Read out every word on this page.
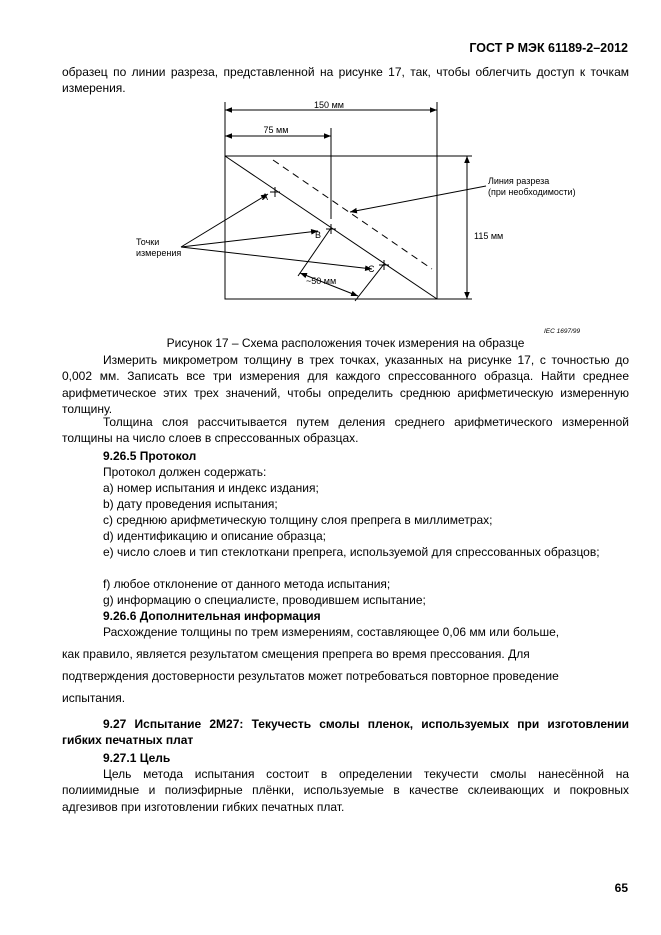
ГОСТ Р МЭК 61189-2–2012
образец по линии разреза, представленной на рисунке 17, так, чтобы облегчить доступ к точкам измерения.
150 мм
75 мм
115 мм
~50 мм
Линия разреза
(при необходимости)
Точки
измерения
A
B
C
IEC 1697/99
Рисунок 17 – Схема расположения точек измерения на образце
Измерить микрометром толщину в трех точках, указанных на рисунке 17, с точностью до 0,002 мм. Записать все три измерения для каждого спрессованного образца. Найти среднее арифметическое этих трех значений, чтобы определить среднюю арифметическую измеренную толщину.
Толщина слоя рассчитывается путем деления среднего арифметического измеренной толщины на число слоев в спрессованных образцах.
9.26.5 Протокол
Протокол должен содержать:
a) номер испытания и индекс издания;
b) дату проведения испытания;
c) среднюю арифметическую толщину слоя препрега в миллиметрах;
d) идентификацию и описание образца;
e) число слоев и тип стеклоткани препрега, используемой для спрессованных образцов;
f) любое отклонение от данного метода испытания;
g) информацию о специалисте, проводившем испытание;
9.26.6 Дополнительная информация
Расхождение толщины по трем измерениям, составляющее 0,06 мм или больше,
как правило, является результатом смещения препрега во время прессования. Для
подтверждения достоверности результатов может потребоваться повторное проведение
испытания.
9.27 Испытание 2М27: Текучесть смолы пленок, используемых при изготовлении гибких печатных плат
9.27.1 Цель
Цель метода испытания состоит в определении текучести смолы нанесённой на полиимидные и полиэфирные плёнки, используемые в качестве склеивающих и покровных адгезивов при изготовлении гибких печатных плат.
65
